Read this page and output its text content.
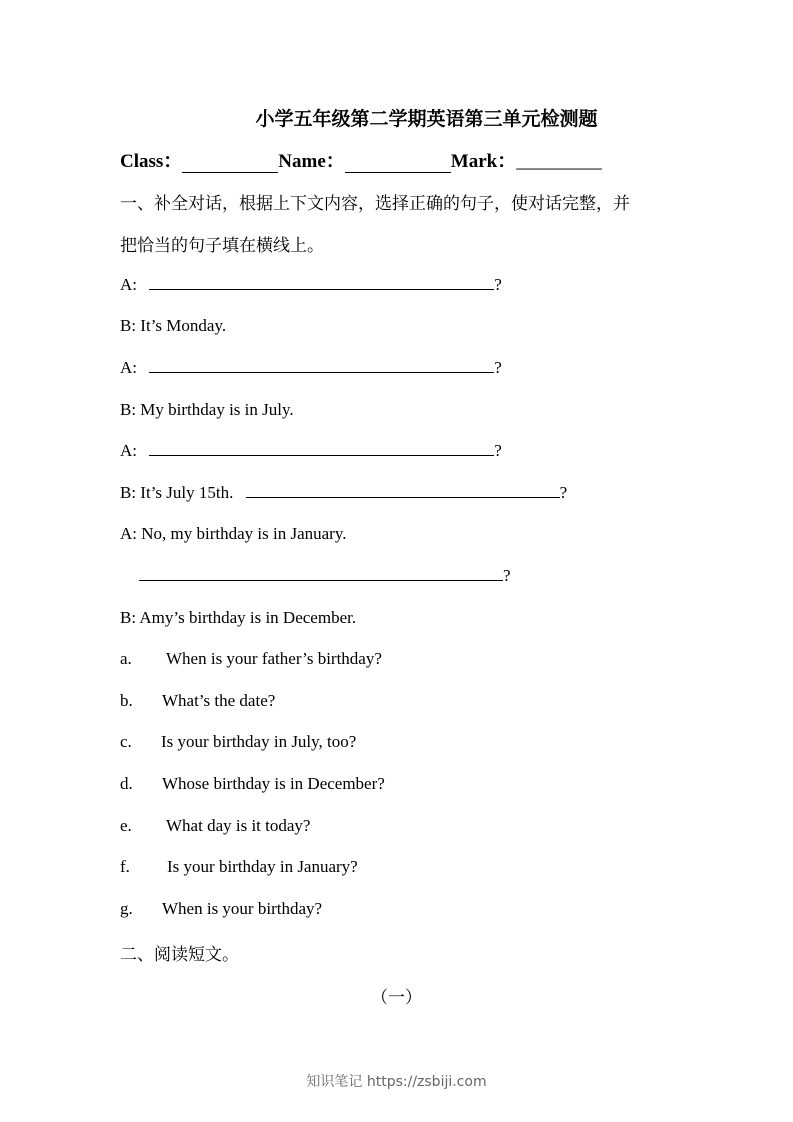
小学五年级第二学期英语第三单元检测题
Class：	Name：	Mark： _________
一、补全对话，根据上下文内容，选择正确的句子，使对话完整，并
把恰当的句子填在横线上。
A:	?
B: It’s Monday.
A:	?
B: My birthday is in July.
A:	?
B: It’s July 15th.	?
A: No, my birthday is in January.
?
B: Amy’s birthday is in December.
a. When is your father’s birthday?
b. What’s the date?
c. Is your birthday in July, too?
d. Whose birthday is in December?
e. What day is it today?
f. Is your birthday in January?
g. When is your birthday?
二、阅读短文。
（一）
知识笔记 https://zsbiji.com
